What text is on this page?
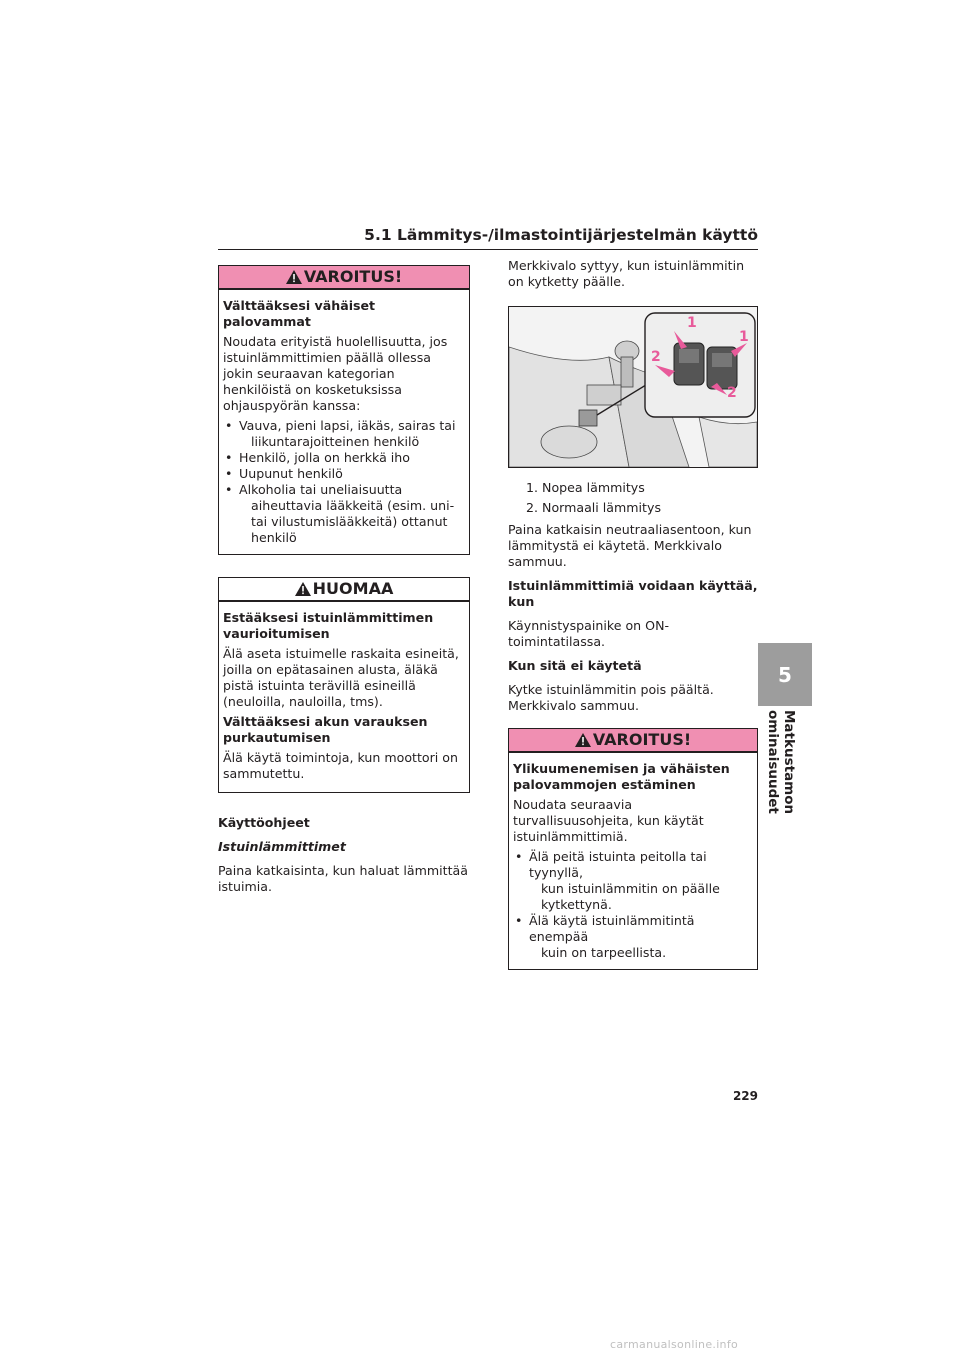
5.1 Lämmitys-/ilmastointijärjestelmän käyttö
VAROITUS!
Välttääksesi vähäiset palovammat

Noudata erityistä huolellisuutta, jos istuinlämmittimien päällä ollessa jokin seuraavan kategorian henkilöistä on kosketuksissa ohjauspyörän kanssa:

• Vauva, pieni lapsi, iäkäs, sairas tai
liikuntarajoitteinen henkilö
• Henkilö, jolla on herkkä iho
• Uupunut henkilö
• Alkoholia tai uneliaisuutta
aiheuttavia lääkkeitä (esim. uni- tai vilustumislääkkeitä) ottanut henkilö
HUOMAA
Estääksesi istuinlämmittimen vaurioitumisen

Älä aseta istuimelle raskaita esineitä, joilla on epätasainen alusta, äläkä pistä istuinta terävillä esineillä (neuloilla, nauloilla, tms).

Välttääksesi akun varauksen purkautumisen

Älä käytä toimintoja, kun moottori on sammutettu.

Käyttöohjeet
Istuinlämmittimet
Paina katkaisinta, kun haluat lämmittää istuimia.
Merkkivalo syttyy, kun istuinlämmitin on kytketty päälle.
1
1
2
2
1. Nopea lämmitys
2. Normaali lämmitys
Paina katkaisin neutraaliasentoon, kun lämmitystä ei käytetä. Merkkivalo sammuu.
Istuinlämmittimiä voidaan käyttää, kun
Käynnistyspainike on ON-toimintatilassa.
Kun sitä ei käytetä
Kytke istuinlämmitin pois päältä. Merkkivalo sammuu.
VAROITUS!
Ylikuumenemisen ja vähäisten palovammojen estäminen

Noudata seuraavia turvallisuusohjeita, kun käytät istuinlämmittimiä.

• Älä peitä istuinta peitolla tai tyynyllä,
kun istuinlämmitin on päälle kytkettynä.
• Älä käytä istuinlämmitintä enempää
kuin on tarpeellista.
5
Matkustamon ominaisuudet
229
carmanualsonline.info
